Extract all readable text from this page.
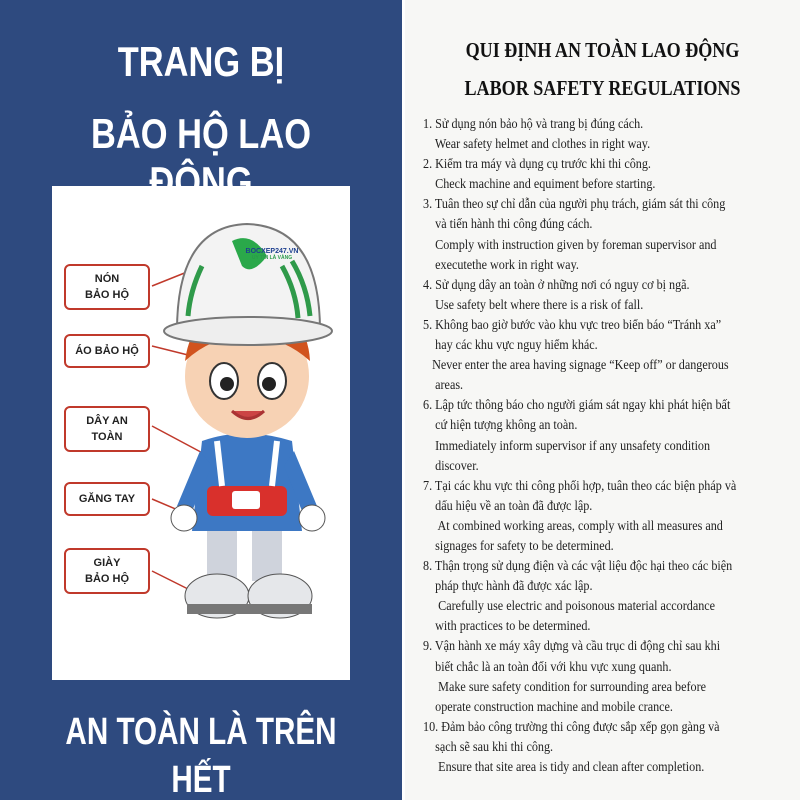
NÓN
BẢO HỘ
ÁO BẢO HỘ
DÂY AN
TOÀN
GĂNG TAY
GIÀY
BẢO HỘ
BOCXEP247.VN
UY TÍN LÀ VÀNG
TRANG BỊ
BẢO HỘ LAO ĐỘNG
AN TOÀN LÀ TRÊN HẾT
QUI ĐỊNH AN TOÀN LAO ĐỘNG
LABOR SAFETY REGULATIONS
1. Sử dụng nón bảo hộ và trang bị đúng cách.
Wear safety helmet and clothes in right way.
2. Kiểm tra máy và dụng cụ trước khi thi công.
Check machine and equiment before starting.
3. Tuân theo sự chỉ dẫn của người phụ trách, giám sát thi công
và tiến hành thi công đúng cách.
Comply with instruction given by foreman supervisor and
executethe work in right way.
4. Sử dụng dây an toàn ở những nơi có nguy cơ bị ngã.
Use safety belt where there is a risk of fall.
5. Không bao giờ bước vào khu vực treo biển báo “Tránh xa”
hay các khu vực nguy hiểm khác.
Never enter the area having signage “Keep off” or dangerous
areas.
6. Lập tức thông báo cho người giám sát ngay khi phát hiện bất
cứ hiện tượng không an toàn.
Immediately inform supervisor if any unsafety condition
discover.
7. Tại các khu vực thi công phối hợp, tuân theo các biện pháp và
dấu hiệu về an toàn đã được lập.
At combined working areas, comply with all measures and
signages for safety to be determined.
8. Thận trọng sử dụng điện và các vật liệu độc hại theo các biện
pháp thực hành đã được xác lập.
Carefully use electric and poisonous material accordance
with practices to be determined.
9. Vận hành xe máy xây dựng và cầu trục di động chỉ sau khi
biết chắc là an toàn đối với khu vực xung quanh.
Make sure safety condition for surrounding area before
operate construction machine and mobile crance.
10. Đảm bảo công trường thi công được sắp xếp gọn gàng và
sạch sẽ sau khi thi công.
Ensure that site area is tidy and clean after completion.
